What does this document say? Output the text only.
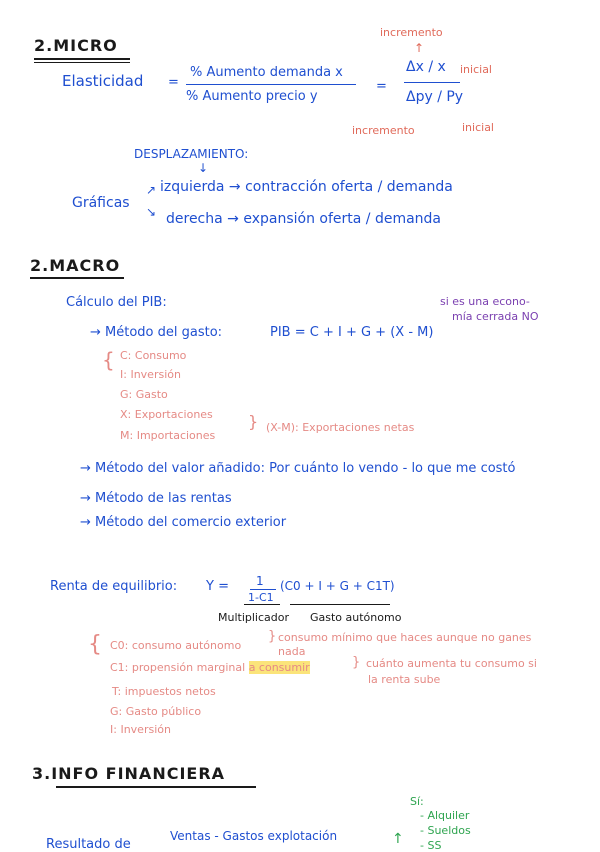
2.MICRO
incremento
↑
inicial
Elasticidad =
% Aumento demanda x
% Aumento precio y
=
Δx / x
Δpy / Py
inicial
incremento
DESPLAZAMIENTO:
↓
Gráficas
↗
↘
izquierda → contracción oferta / demanda
derecha → expansión oferta / demanda
2.MACRO
Cálculo del PIB:
→ Método del gasto:	PIB = C + I + G + (X - M)
si es una econo-
mía cerrada NO
{ C: Consumo
I: Inversión
G: Gasto
X: Exportaciones
M: Importaciones
} (X-M): Exportaciones netas
→ Método del valor añadido: Por cuánto lo vendo - lo que me costó
→ Método de las rentas
→ Método del comercio exterior
Renta de equilibrio: Y = 1
1-C1
(C0 + I + G + C1T)
Multiplicador Gasto autónomo
{ C0: consumo autónomo
} consumo mínimo que haces aunque no ganes
nada
C1: propensión marginal a consumir	} cuánto aumenta tu consumo si
la renta sube
T: impuestos netos
G: Gasto público
I: Inversión
3.INFO FINANCIERA
Sí:
- Alquiler
- Sueldos
- SS
↑
Ventas - Gastos explotación
Resultado de
